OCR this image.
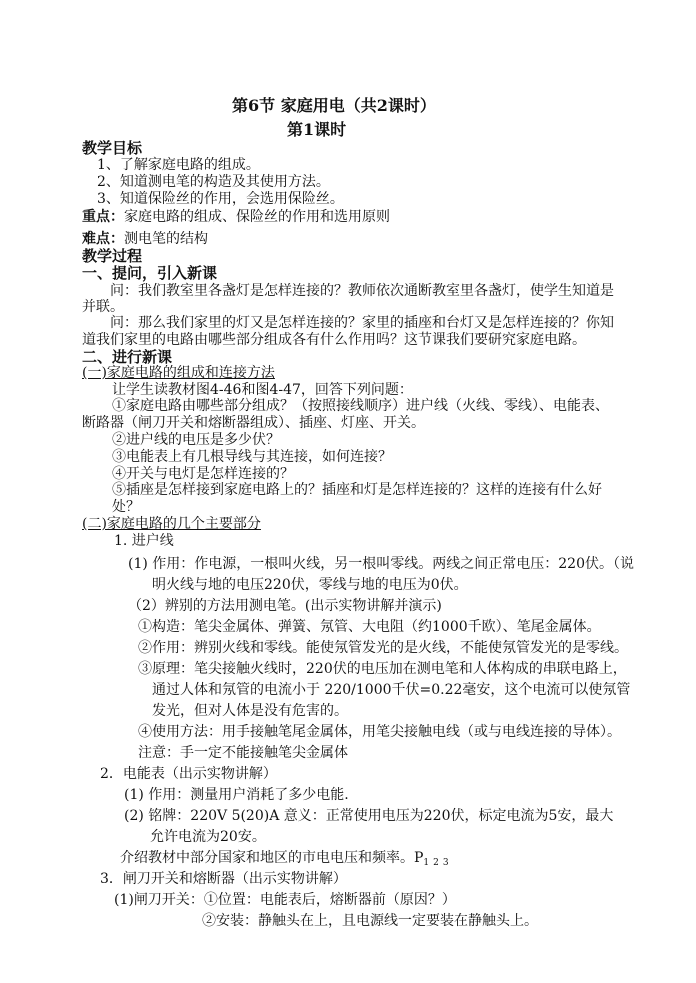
第6节 家庭用电（共2课时）
第1课时
教学目标
1、了解家庭电路的组成。
2、知道测电笔的构造及其使用方法。
3、知道保险丝的作用，会选用保险丝。
重点：家庭电路的组成、保险丝的作用和选用原则
难点：测电笔的结构
教学过程
一、提问，引入新课
问：我们教室里各盏灯是怎样连接的？教师依次通断教室里各盏灯，使学生知道是
并联。
问：那么我们家里的灯又是怎样连接的？家里的插座和台灯又是怎样连接的？你知
道我们家里的电路由哪些部分组成各有什么作用吗？这节课我们要研究家庭电路。
二、进行新课
(一)家庭电路的组成和连接方法
让学生读教材图4-46和图4-47，回答下列问题：
①家庭电路由哪些部分组成？（按照接线顺序）进户线（火线、零线）、电能表、
断路器（闸刀开关和熔断器组成）、插座、灯座、开关。
②进户线的电压是多少伏？
③电能表上有几根导线与其连接，如何连接？
④开关与电灯是怎样连接的？
⑤插座是怎样接到家庭电路上的？插座和灯是怎样连接的？这样的连接有什么好
处？
(二)家庭电路的几个主要部分
1. 进户线
(1) 作用：作电源，一根叫火线，另一根叫零线。两线之间正常电压：220伏。（说
明火线与地的电压220伏，零线与地的电压为0伏。
（2）辨别的方法用测电笔。(出示实物讲解并演示)
①构造：笔尖金属体、弹簧、氖管、大电阻（约1000千欧）、笔尾金属体。
②作用：辨别火线和零线。能使氖管发光的是火线，不能使氖管发光的是零线。
③原理：笔尖接触火线时，220伏的电压加在测电笔和人体构成的串联电路上，
通过人体和氖管的电流小于 220/1000千伏=0.22毫安，这个电流可以使氖管
发光，但对人体是没有危害的。
④使用方法：用手接触笔尾金属体，用笔尖接触电线（或与电线连接的导体）。
注意：手一定不能接触笔尖金属体
2．电能表（出示实物讲解）
(1) 作用：测量用户消耗了多少电能.
(2) 铭牌：220V 5(20)A 意义：正常使用电压为220伏，标定电流为5安，最大
允许电流为20安。
介绍教材中部分国家和地区的市电电压和频率。$P_{123}$
3．闸刀开关和熔断器（出示实物讲解）
(1)闸刀开关：①位置：电能表后，熔断器前（原因？）
②安装：静触头在上，且电源线一定要装在静触头上。
